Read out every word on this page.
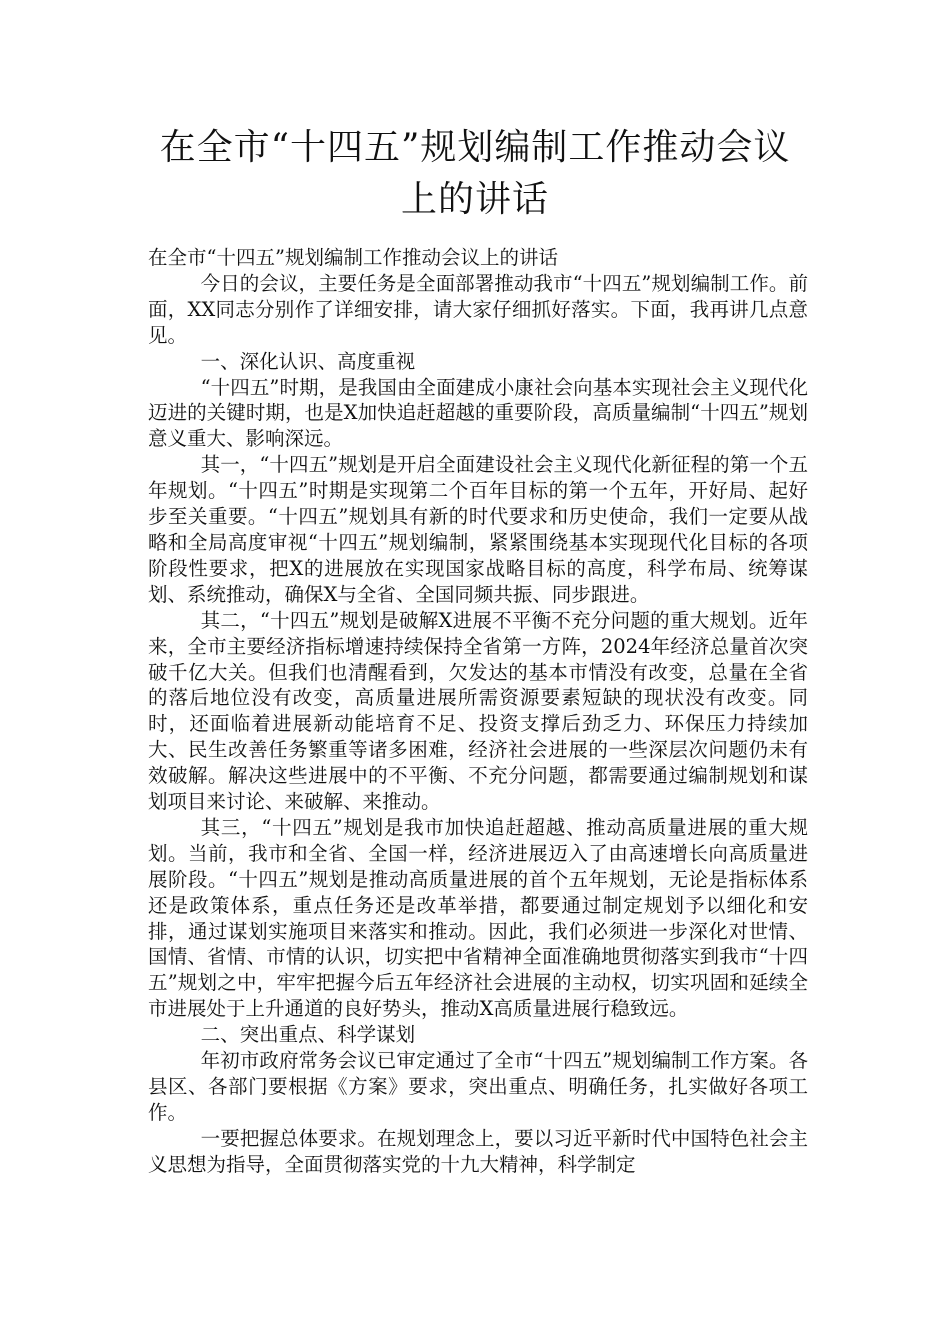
在全市“十四五”规划编制工作推动会议
上的讲话

在全市“十四五”规划编制工作推动会议上的讲话

今日的会议，主要任务是全面部署推动我市“十四五”规划编制工作。前面，XX同志分别作了详细安排，请大家仔细抓好落实。下面，我再讲几点意见。

一、深化认识、高度重视

“十四五”时期，是我国由全面建成小康社会向基本实现社会主义现代化迈进的关键时期，也是X加快追赶超越的重要阶段，高质量编制“十四五”规划意义重大、影响深远。

其一，“十四五”规划是开启全面建设社会主义现代化新征程的第一个五年规划。“十四五”时期是实现第二个百年目标的第一个五年，开好局、起好步至关重要。“十四五”规划具有新的时代要求和历史使命，我们一定要从战略和全局高度审视“十四五”规划编制，紧紧围绕基本实现现代化目标的各项阶段性要求，把X的进展放在实现国家战略目标的高度，科学布局、统筹谋划、系统推动，确保X与全省、全国同频共振、同步跟进。

其二，“十四五”规划是破解X进展不平衡不充分问题的重大规划。近年来，全市主要经济指标增速持续保持全省第一方阵，2024年经济总量首次突破千亿大关。但我们也清醒看到，欠发达的基本市情没有改变，总量在全省的落后地位没有改变，高质量进展所需资源要素短缺的现状没有改变。同时，还面临着进展新动能培育不足、投资支撑后劲乏力、环保压力持续加大、民生改善任务繁重等诸多困难，经济社会进展的一些深层次问题仍未有效破解。解决这些进展中的不平衡、不充分问题，都需要通过编制规划和谋划项目来讨论、来破解、来推动。

其三，“十四五”规划是我市加快追赶超越、推动高质量进展的重大规划。当前，我市和全省、全国一样，经济进展迈入了由高速增长向高质量进展阶段。“十四五”规划是推动高质量进展的首个五年规划，无论是指标体系还是政策体系，重点任务还是改革举措，都要通过制定规划予以细化和安排，通过谋划实施项目来落实和推动。因此，我们必须进一步深化对世情、国情、省情、市情的认识，切实把中省精神全面准确地贯彻落实到我市“十四五”规划之中，牢牢把握今后五年经济社会进展的主动权，切实巩固和延续全市进展处于上升通道的良好势头，推动X高质量进展行稳致远。

二、突出重点、科学谋划

年初市政府常务会议已审定通过了全市“十四五”规划编制工作方案。各县区、各部门要根据《方案》要求，突出重点、明确任务，扎实做好各项工作。

一要把握总体要求。在规划理念上，要以习近平新时代中国特色社会主义思想为指导，全面贯彻落实党的十九大精神，科学制定
